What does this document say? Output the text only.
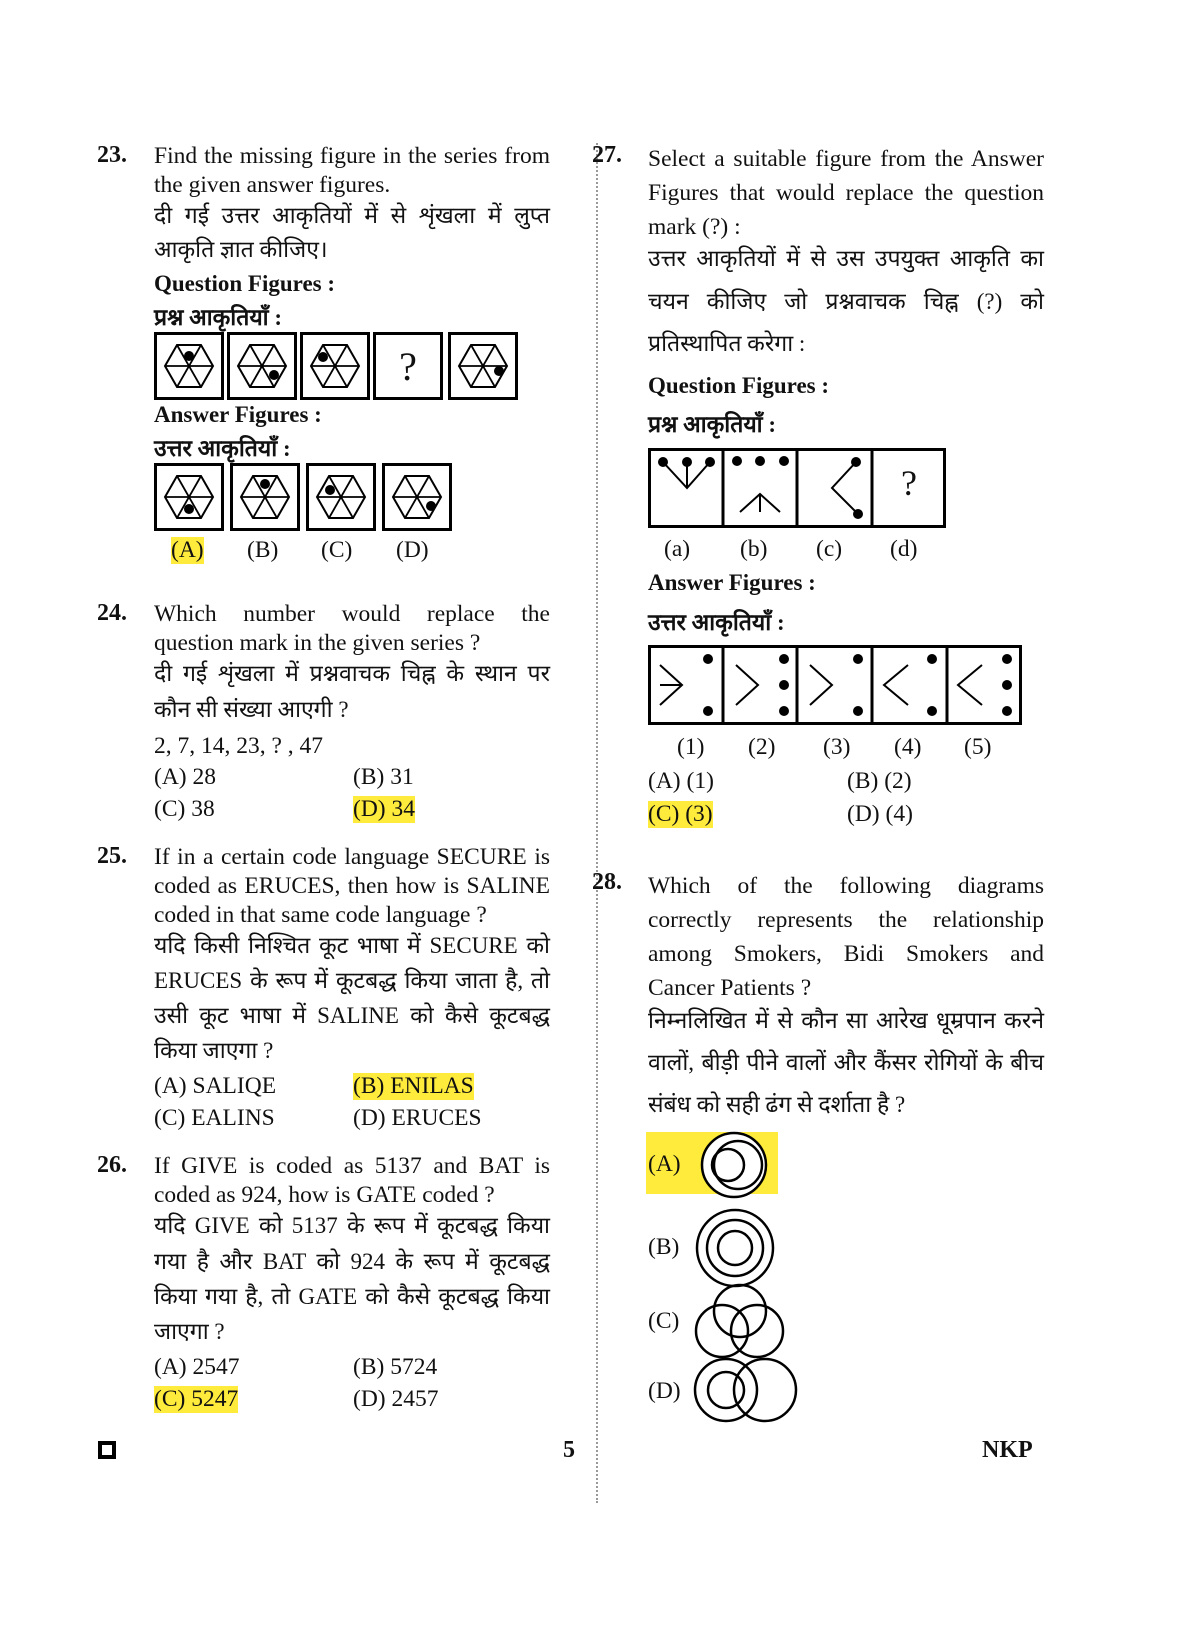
23. Find the missing figure in the series from the given answer figures.
दी गई उत्तर आकृतियों में से शृंखला में लुप्त
आकृति ज्ञात कीजिए।
Question Figures :
प्रश्न आकृतियाँ :
?
Answer Figures :
उत्तर आकृतियाँ :
(A) (B) (C) (D)
24. Which number would replace the question mark in the given series ?
दी गई शृंखला में प्रश्नवाचक चिह्न के स्थान पर
कौन सी संख्या आएगी ?
2, 7, 14, 23, ? , 47
(A) 28	(B) 31
(C) 38	(D) 34
25. If in a certain code language SECURE is coded as ERUCES, then how is SALINE coded in that same code language ?
यदि किसी निश्चित कूट भाषा में SECURE को
ERUCES के रूप में कूटबद्ध किया जाता है, तो
उसी कूट भाषा में SALINE को कैसे कूटबद्ध
किया जाएगा ?
(A) SALIQE	(B) ENILAS
(C) EALINS	(D) ERUCES
26. If GIVE is coded as 5137 and BAT is coded as 924, how is GATE coded ?
यदि GIVE को 5137 के रूप में कूटबद्ध किया
गया है और BAT को 924 के रूप में कूटबद्ध
किया गया है, तो GATE को कैसे कूटबद्ध किया
जाएगा ?
(A) 2547	(B) 5724
(C) 5247	(D) 2457
27. Select a suitable figure from the Answer Figures that would replace the question mark (?) :
उत्तर आकृतियों में से उस उपयुक्त आकृति का
चयन कीजिए जो प्रश्नवाचक चिह्न (?) को
प्रतिस्थापित करेगा :
Question Figures :
प्रश्न आकृतियाँ :
?
(a) (b) (c) (d)
Answer Figures :
उत्तर आकृतियाँ :
(1) (2) (3) (4) (5)
(A) (1)	(B) (2)
(C) (3)	(D) (4)
28. Which of the following diagrams
correctly represents the relationship
among Smokers, Bidi Smokers and
Cancer Patients ?
निम्नलिखित में से कौन सा आरेख धूम्रपान करने
वालों, बीड़ी पीने वालों और कैंसर रोगियों के बीच
संबंध को सही ढंग से दर्शाता है ?
(A)
(B)
(C)
(D)
5	NKP
